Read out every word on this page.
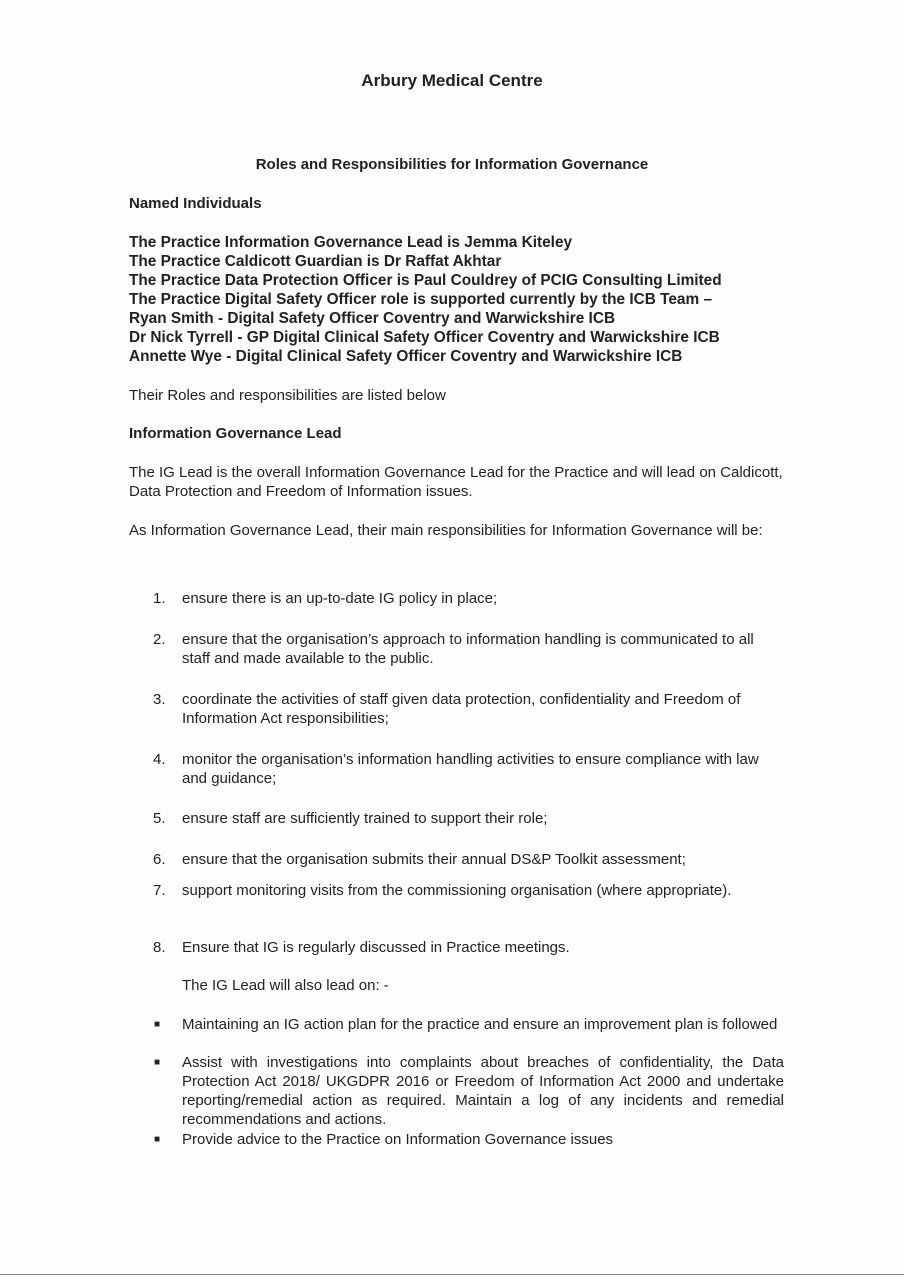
Arbury Medical Centre
Roles and Responsibilities for Information Governance
Named Individuals
The Practice Information Governance Lead is Jemma Kiteley
The Practice Caldicott Guardian is Dr Raffat Akhtar
The Practice Data Protection Officer is Paul Couldrey of PCIG Consulting Limited
The Practice Digital Safety Officer role is supported currently by the ICB Team –
Ryan Smith - Digital Safety Officer Coventry and Warwickshire ICB
Dr Nick Tyrrell - GP Digital Clinical Safety Officer Coventry and Warwickshire ICB
Annette Wye - Digital Clinical Safety Officer Coventry and Warwickshire ICB
Their Roles and responsibilities are listed below
Information Governance Lead
The IG Lead is the overall Information Governance Lead for the Practice and will lead on Caldicott, Data Protection and Freedom of Information issues.
As Information Governance Lead, their main responsibilities for Information Governance will be:
1. ensure there is an up-to-date IG policy in place;
2. ensure that the organisation’s approach to information handling is communicated to all staff and made available to the public.
3. coordinate the activities of staff given data protection, confidentiality and Freedom of Information Act responsibilities;
4. monitor the organisation’s information handling activities to ensure compliance with law and guidance;
5. ensure staff are sufficiently trained to support their role;
6. ensure that the organisation submits their annual DS&P Toolkit assessment;
7. support monitoring visits from the commissioning organisation (where appropriate).
8. Ensure that IG is regularly discussed in Practice meetings.
The IG Lead will also lead on: -
■ Maintaining an IG action plan for the practice and ensure an improvement plan is followed
■ Assist with investigations into complaints about breaches of confidentiality, the Data Protection Act 2018/ UKGDPR 2016 or Freedom of Information Act 2000 and undertake reporting/remedial action as required. Maintain a log of any incidents and remedial recommendations and actions.
■ Provide advice to the Practice on Information Governance issues
